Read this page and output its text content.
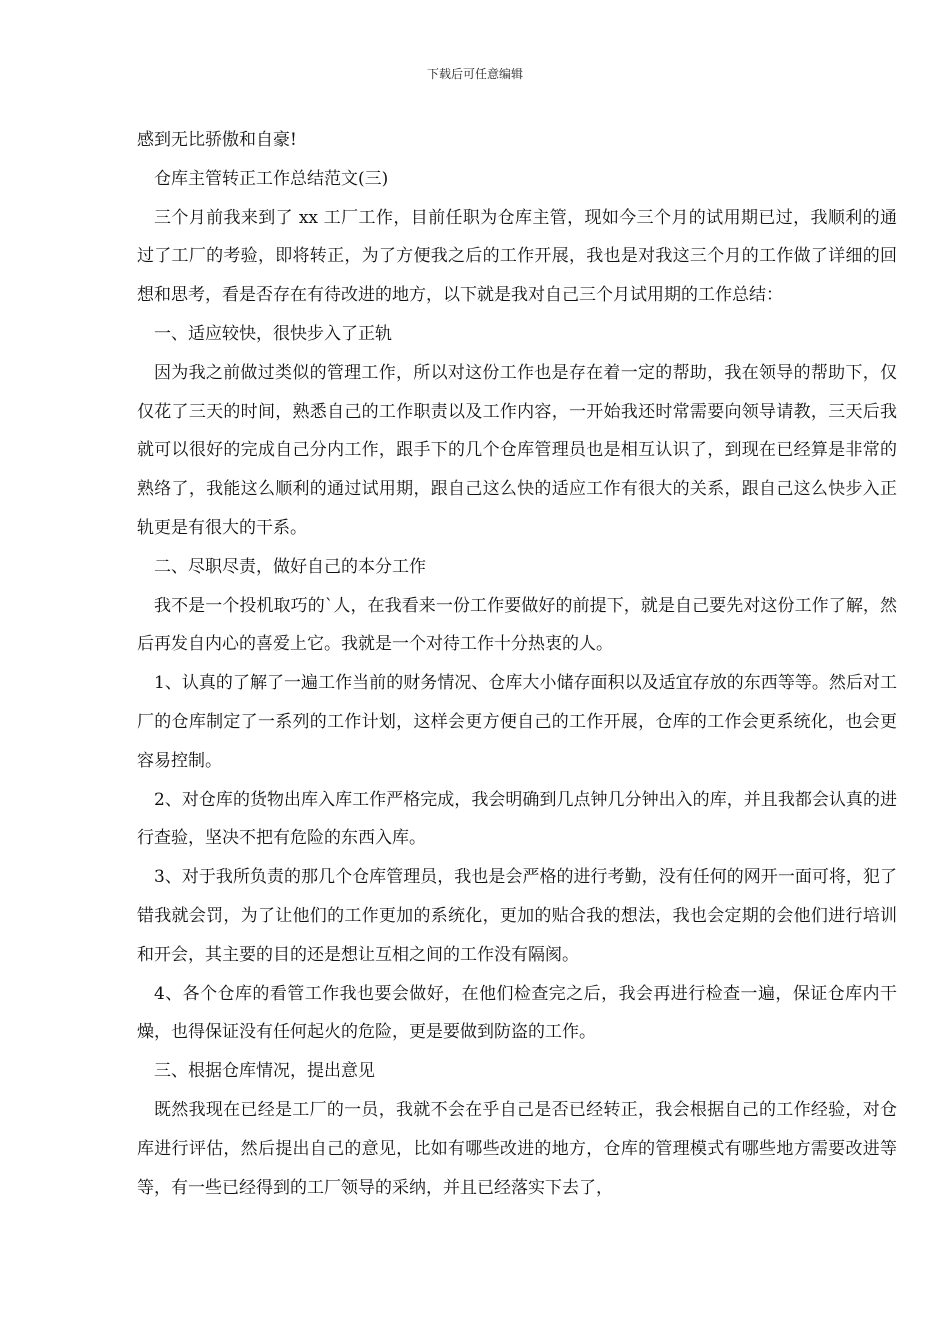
下载后可任意编辑

感到无比骄傲和自豪!

仓库主管转正工作总结范文(三)

三个月前我来到了 xx 工厂工作，目前任职为仓库主管，现如今三个月的试用期已过，我顺利的通过了工厂的考验，即将转正，为了方便我之后的工作开展，我也是对我这三个月的工作做了详细的回想和思考，看是否存在有待改进的地方，以下就是我对自己三个月试用期的工作总结：

一、适应较快，很快步入了正轨

因为我之前做过类似的管理工作，所以对这份工作也是存在着一定的帮助，我在领导的帮助下，仅仅花了三天的时间，熟悉自己的工作职责以及工作内容，一开始我还时常需要向领导请教，三天后我就可以很好的完成自己分内工作，跟手下的几个仓库管理员也是相互认识了，到现在已经算是非常的熟络了，我能这么顺利的通过试用期，跟自己这么快的适应工作有很大的关系，跟自己这么快步入正轨更是有很大的干系。

二、尽职尽责，做好自己的本分工作

我不是一个投机取巧的`人，在我看来一份工作要做好的前提下，就是自己要先对这份工作了解，然后再发自内心的喜爱上它。我就是一个对待工作十分热衷的人。

1、认真的了解了一遍工作当前的财务情况、仓库大小储存面积以及适宜存放的东西等等。然后对工厂的仓库制定了一系列的工作计划，这样会更方便自己的工作开展，仓库的工作会更系统化，也会更容易控制。

2、对仓库的货物出库入库工作严格完成，我会明确到几点钟几分钟出入的库，并且我都会认真的进行查验，坚决不把有危险的东西入库。

3、对于我所负责的那几个仓库管理员，我也是会严格的进行考勤，没有任何的网开一面可将，犯了错我就会罚，为了让他们的工作更加的系统化，更加的贴合我的想法，我也会定期的会他们进行培训和开会，其主要的目的还是想让互相之间的工作没有隔阂。

4、各个仓库的看管工作我也要会做好，在他们检查完之后，我会再进行检查一遍，保证仓库内干燥，也得保证没有任何起火的危险，更是要做到防盗的工作。

三、根据仓库情况，提出意见

既然我现在已经是工厂的一员，我就不会在乎自己是否已经转正，我会根据自己的工作经验，对仓库进行评估，然后提出自己的意见，比如有哪些改进的地方，仓库的管理模式有哪些地方需要改进等等，有一些已经得到的工厂领导的采纳，并且已经落实下去了，
